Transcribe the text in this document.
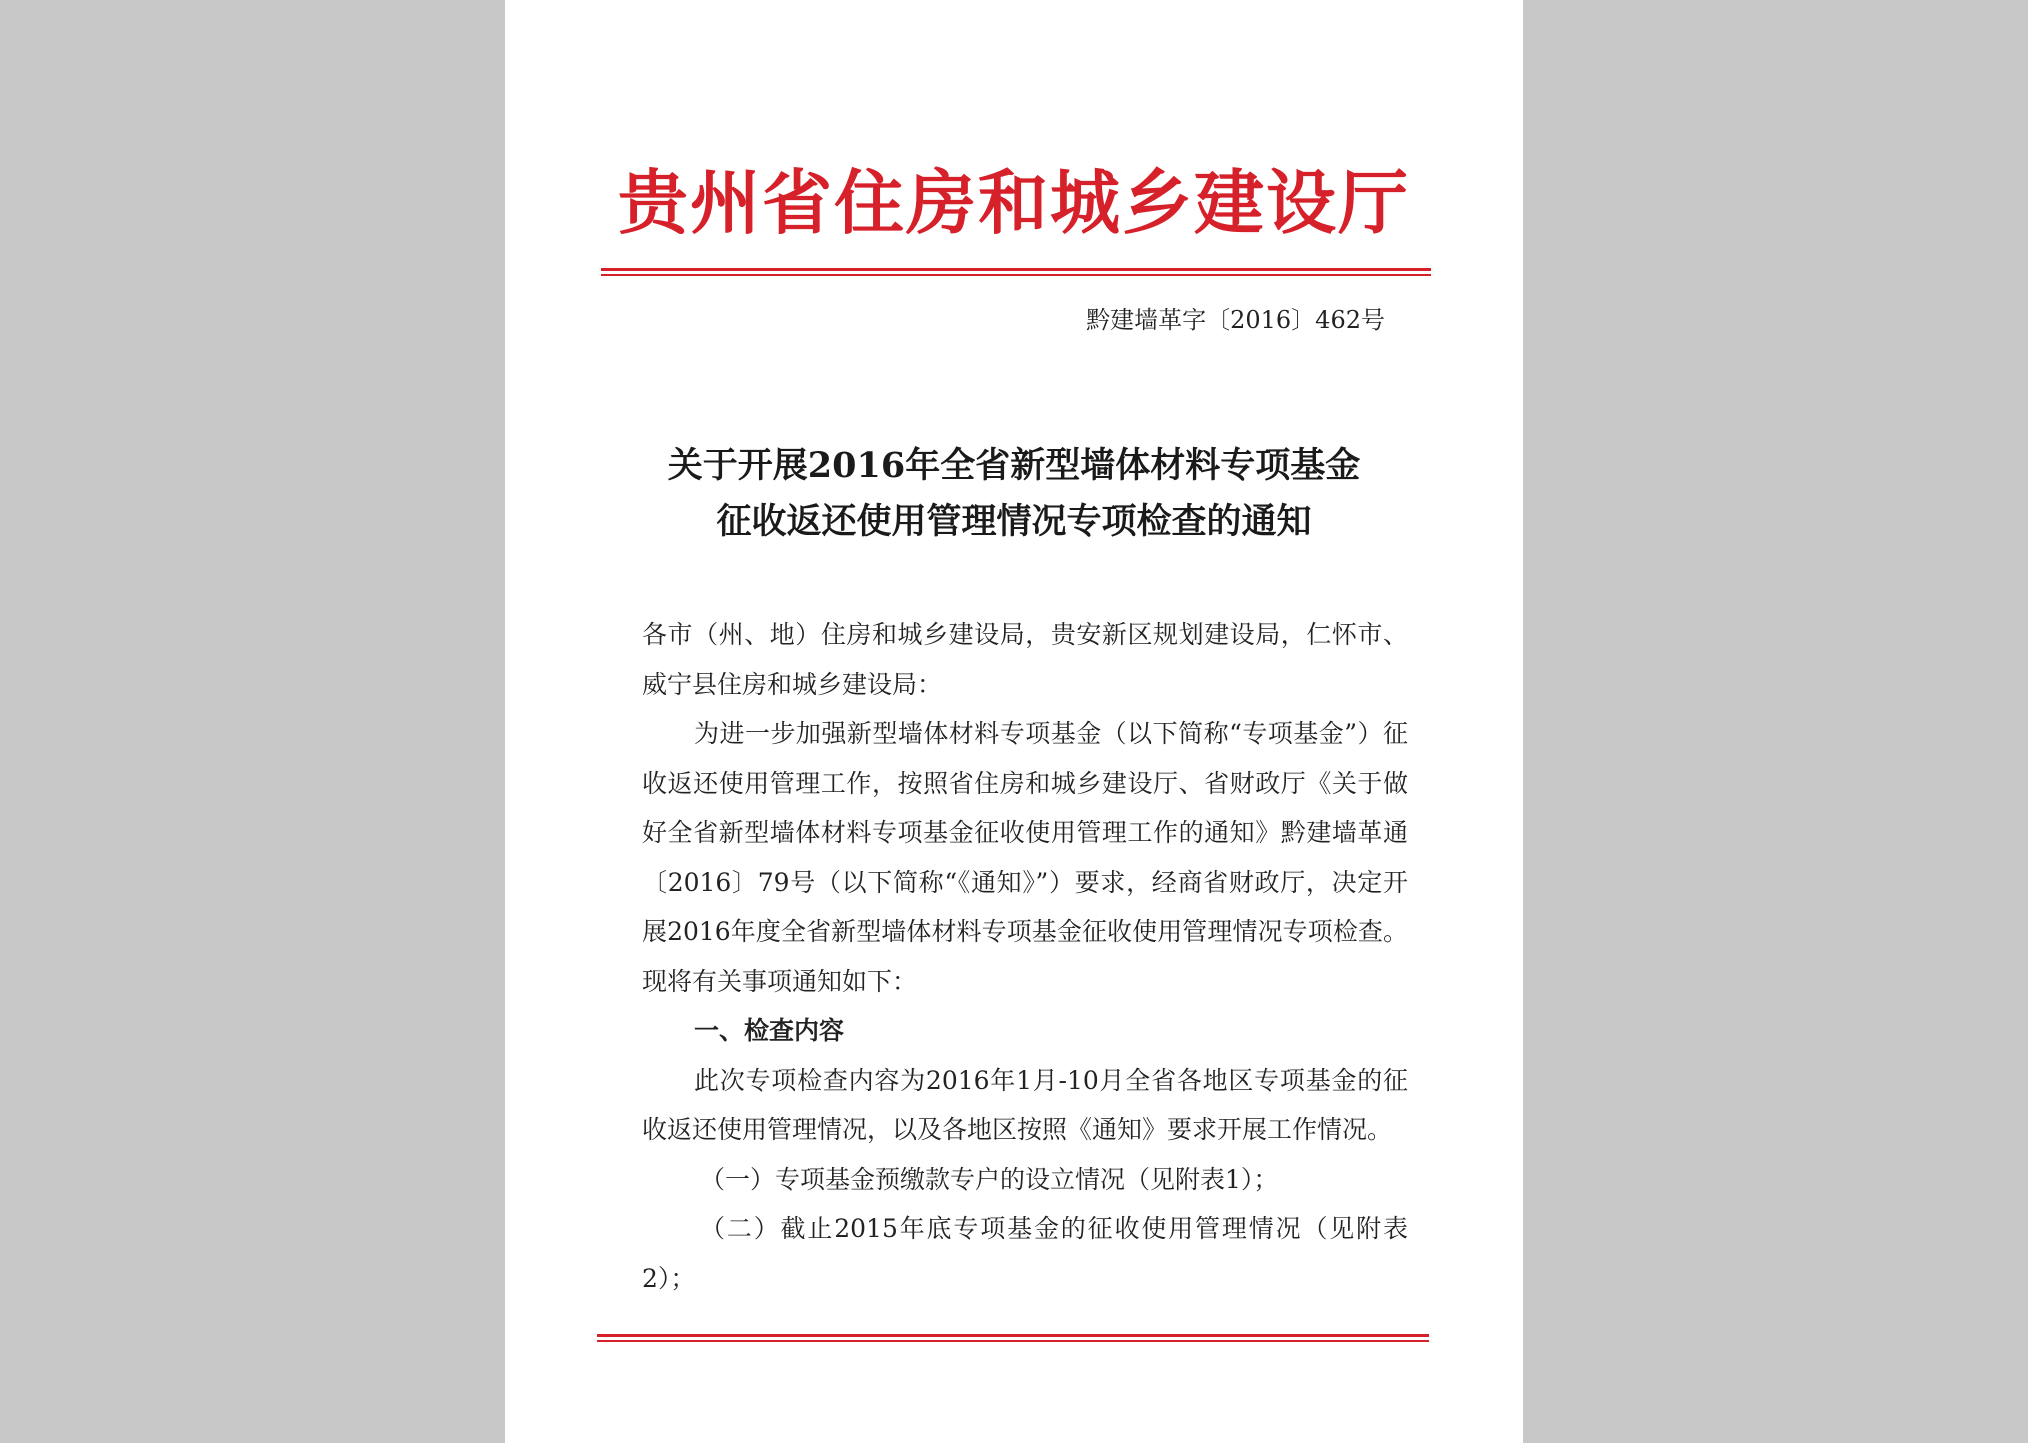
贵州省住房和城乡建设厅
黔建墙革字〔2016〕462号
关于开展2016年全省新型墙体材料专项基金
征收返还使用管理情况专项检查的通知

各市（州、地）住房和城乡建设局，贵安新区规划建设局，仁怀市、威宁县住房和城乡建设局：

为进一步加强新型墙体材料专项基金（以下简称“专项基金”）征收返还使用管理工作，按照省住房和城乡建设厅、省财政厅《关于做好全省新型墙体材料专项基金征收使用管理工作的通知》黔建墙革通〔2016〕79号（以下简称“《通知》”）要求，经商省财政厅，决定开展2016年度全省新型墙体材料专项基金征收使用管理情况专项检查。现将有关事项通知如下：

一、检查内容

此次专项检查内容为2016年1月-10月全省各地区专项基金的征收返还使用管理情况，以及各地区按照《通知》要求开展工作情况。

（一）专项基金预缴款专户的设立情况（见附表1）；

（二）截止2015年底专项基金的征收使用管理情况（见附表2）；
